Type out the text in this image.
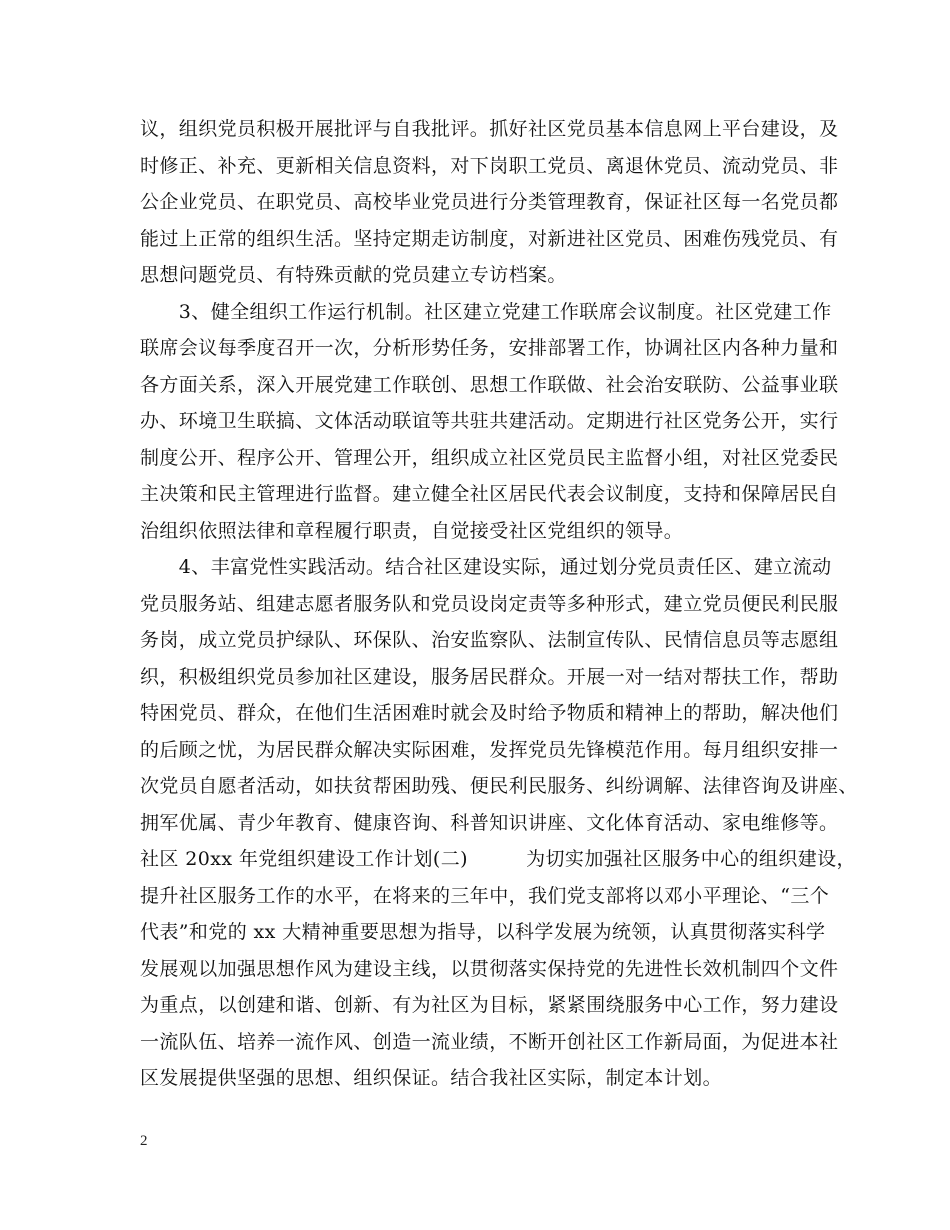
议，组织党员积极开展批评与自我批评。抓好社区党员基本信息网上平台建设，及
时修正、补充、更新相关信息资料，对下岗职工党员、离退休党员、流动党员、非
公企业党员、在职党员、高校毕业党员进行分类管理教育，保证社区每一名党员都
能过上正常的组织生活。坚持定期走访制度，对新进社区党员、困难伤残党员、有
思想问题党员、有特殊贡献的党员建立专访档案。
　　3、健全组织工作运行机制。社区建立党建工作联席会议制度。社区党建工作
联席会议每季度召开一次，分析形势任务，安排部署工作，协调社区内各种力量和
各方面关系，深入开展党建工作联创、思想工作联做、社会治安联防、公益事业联
办、环境卫生联搞、文体活动联谊等共驻共建活动。定期进行社区党务公开，实行
制度公开、程序公开、管理公开，组织成立社区党员民主监督小组，对社区党委民
主决策和民主管理进行监督。建立健全社区居民代表会议制度，支持和保障居民自
治组织依照法律和章程履行职责，自觉接受社区党组织的领导。
　　4、丰富党性实践活动。结合社区建设实际，通过划分党员责任区、建立流动
党员服务站、组建志愿者服务队和党员设岗定责等多种形式，建立党员便民利民服
务岗，成立党员护绿队、环保队、治安监察队、法制宣传队、民情信息员等志愿组
织，积极组织党员参加社区建设，服务居民群众。开展一对一结对帮扶工作，帮助
特困党员、群众，在他们生活困难时就会及时给予物质和精神上的帮助，解决他们
的后顾之忧，为居民群众解决实际困难，发挥党员先锋模范作用。每月组织安排一
次党员自愿者活动，如扶贫帮困助残、便民利民服务、纠纷调解、法律咨询及讲座、
拥军优属、青少年教育、健康咨询、科普知识讲座、文化体育活动、家电维修等。
社区 20xx 年党组织建设工作计划(二)　　　为切实加强社区服务中心的组织建设，
提升社区服务工作的水平，在将来的三年中，我们党支部将以邓小平理论、“三个
代表”和党的 xx 大精神重要思想为指导，以科学发展为统领，认真贯彻落实科学
发展观以加强思想作风为建设主线，以贯彻落实保持党的先进性长效机制四个文件
为重点，以创建和谐、创新、有为社区为目标，紧紧围绕服务中心工作，努力建设
一流队伍、培养一流作风、创造一流业绩，不断开创社区工作新局面，为促进本社
区发展提供坚强的思想、组织保证。结合我社区实际，制定本计划。
2
